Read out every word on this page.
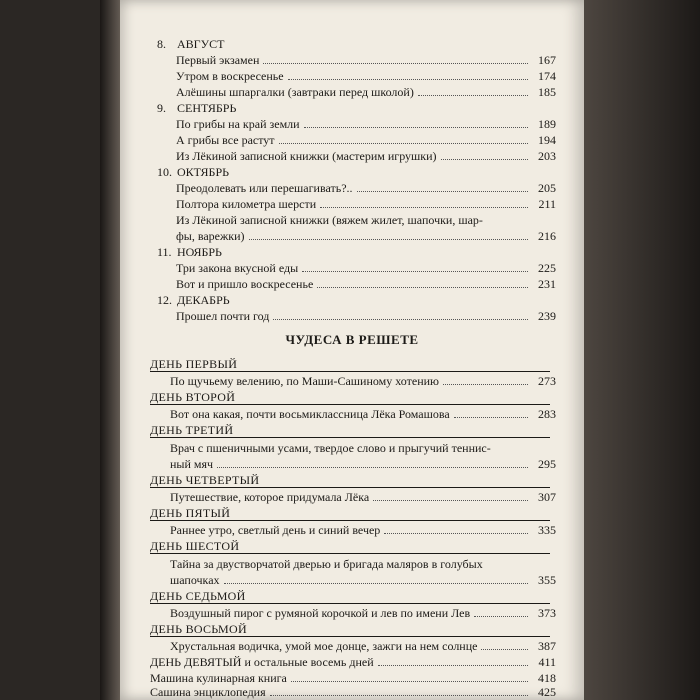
8. АВГУСТ
Первый экзамен	167
Утром в воскресенье	174
Алёшины шпаргалки (завтраки перед школой)	185
9. СЕНТЯБРЬ
По грибы на край земли	189
А грибы все растут	194
Из Лёкиной записной книжки (мастерим игрушки)	203
10. ОКТЯБРЬ
Преодолевать или перешагивать?..	205
Полтора километра шерсти	211
Из Лёкиной записной книжки (вяжем жилет, шапочки, шар-
фы, варежки)	216
11. НОЯБРЬ
Три закона вкусной еды	225
Вот и пришло воскресенье	231
12. ДЕКАБРЬ
Прошел почти год	239
ЧУДЕСА В РЕШЕТЕ
ДЕНЬ ПЕРВЫЙ
По щучьему велению, по Маши-Сашиному хотению	273
ДЕНЬ ВТОРОЙ
Вот она какая, почти восьмиклассница Лёка Ромашова	283
ДЕНЬ ТРЕТИЙ
Врач с пшеничными усами, твердое слово и прыгучий теннис-
ный мяч	295
ДЕНЬ ЧЕТВЕРТЫЙ
Путешествие, которое придумала Лёка	307
ДЕНЬ ПЯТЫЙ
Раннее утро, светлый день и синий вечер	335
ДЕНЬ ШЕСТОЙ
Тайна за двустворчатой дверью и бригада маляров в голубых
шапочках	355
ДЕНЬ СЕДЬМОЙ
Воздушный пирог с румяной корочкой и лев по имени Лев	373
ДЕНЬ ВОСЬМОЙ
Хрустальная водичка, умой мое донце, зажги на нем солнце	387
ДЕНЬ ДЕВЯТЫЙ и остальные восемь дней	411
Машина кулинарная книга	418
Сашина энциклопедия	425
